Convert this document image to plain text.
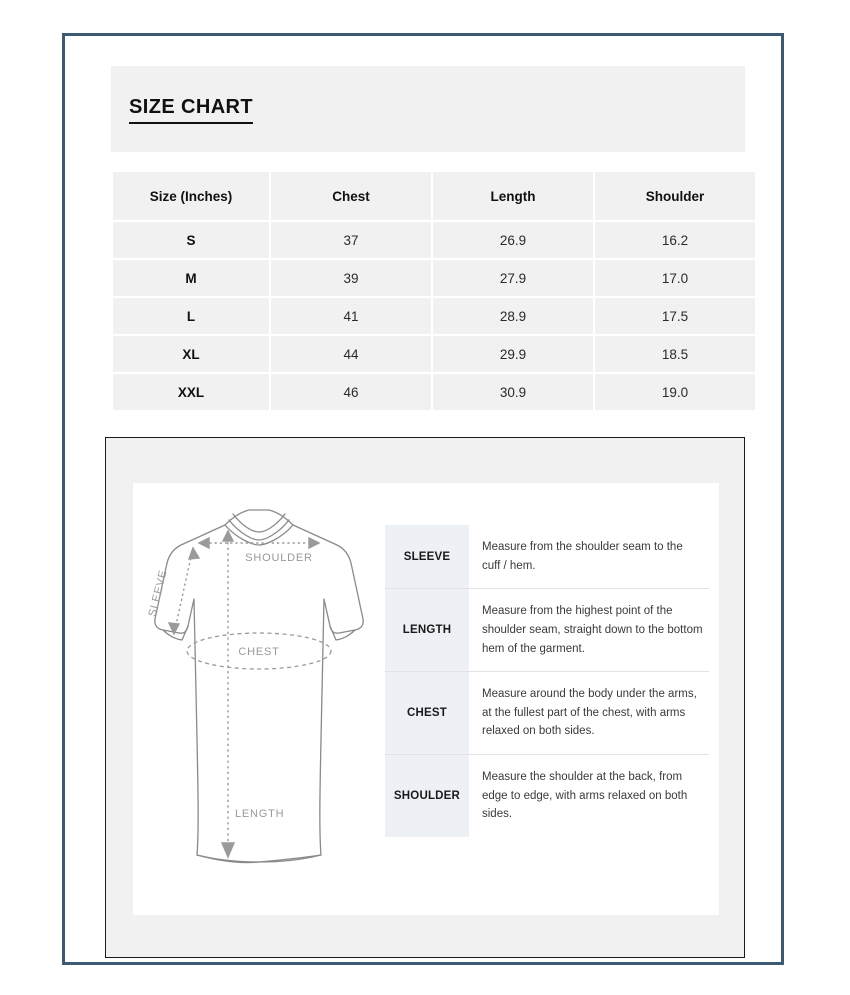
SIZE CHART
Size (Inches)	Chest	Length	Shoulder
S	37	26.9	16.2
M	39	27.9	17.0
L	41	28.9	17.5
XL	44	29.9	18.5
XXL	46	30.9	19.0
SHOULDER
SLEEVE
CHEST
LENGTH
SLEEVE	Measure from the shoulder seam to the cuff / hem.
LENGTH	Measure from the highest point of the shoulder seam, straight down to the bottom hem of the garment.
CHEST	Measure around the body under the arms, at the fullest part of the chest, with arms relaxed on both sides.
SHOULDER	Measure the shoulder at the back, from edge to edge, with arms relaxed on both sides.
